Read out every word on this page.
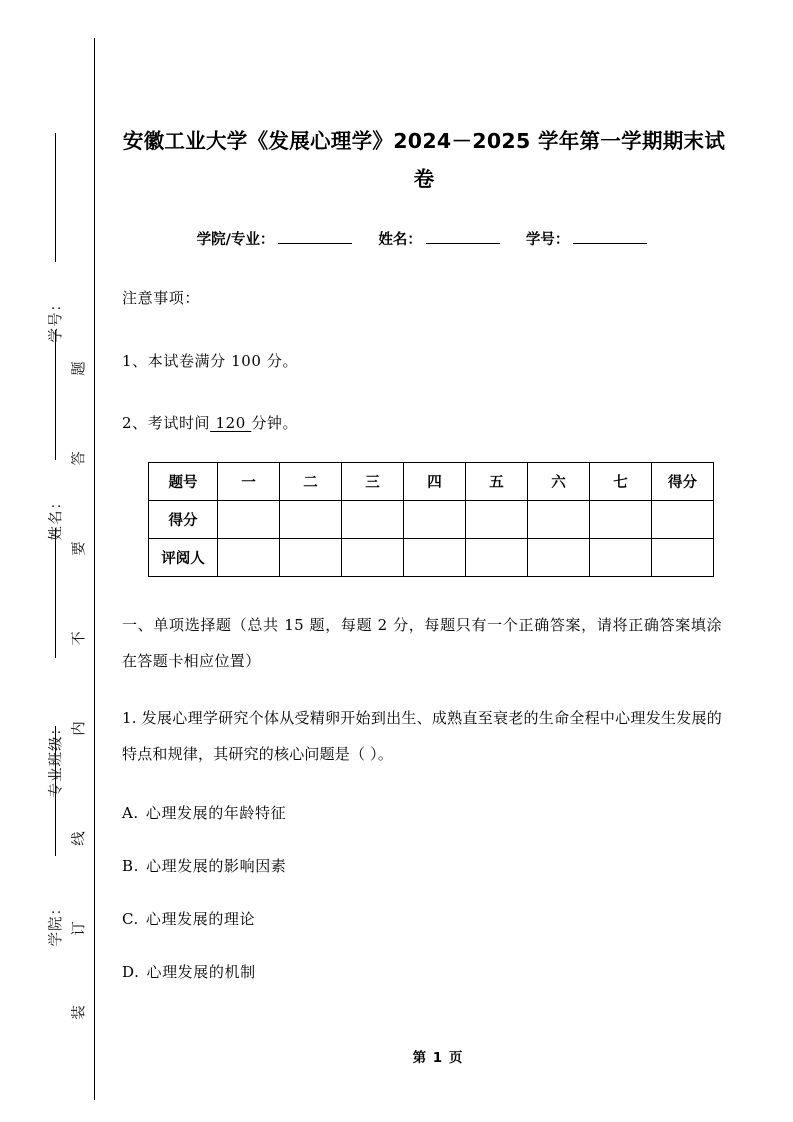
学号：
姓名：
专业班级：
学院：
题
答
要
不
内
线
订
装
安徽工业大学《发展心理学》2024－2025 学年第一学期期末试卷
学院/专业：	姓名：	学号：
注意事项：
1、本试卷满分 100 分。
2、考试时间 120 分钟。
题号	一	二	三	四	五	六	七	得分
得分								
评阅人								
一、单项选择题（总共 15 题，每题 2 分，每题只有一个正确答案，请将正确答案填涂在答题卡相应位置）
1. 发展心理学研究个体从受精卵开始到出生、成熟直至衰老的生命全程中心理发生发展的特点和规律，其研究的核心问题是（ ）。
A. 心理发展的年龄特征
B. 心理发展的影响因素
C. 心理发展的理论
D. 心理发展的机制
第 1 页
